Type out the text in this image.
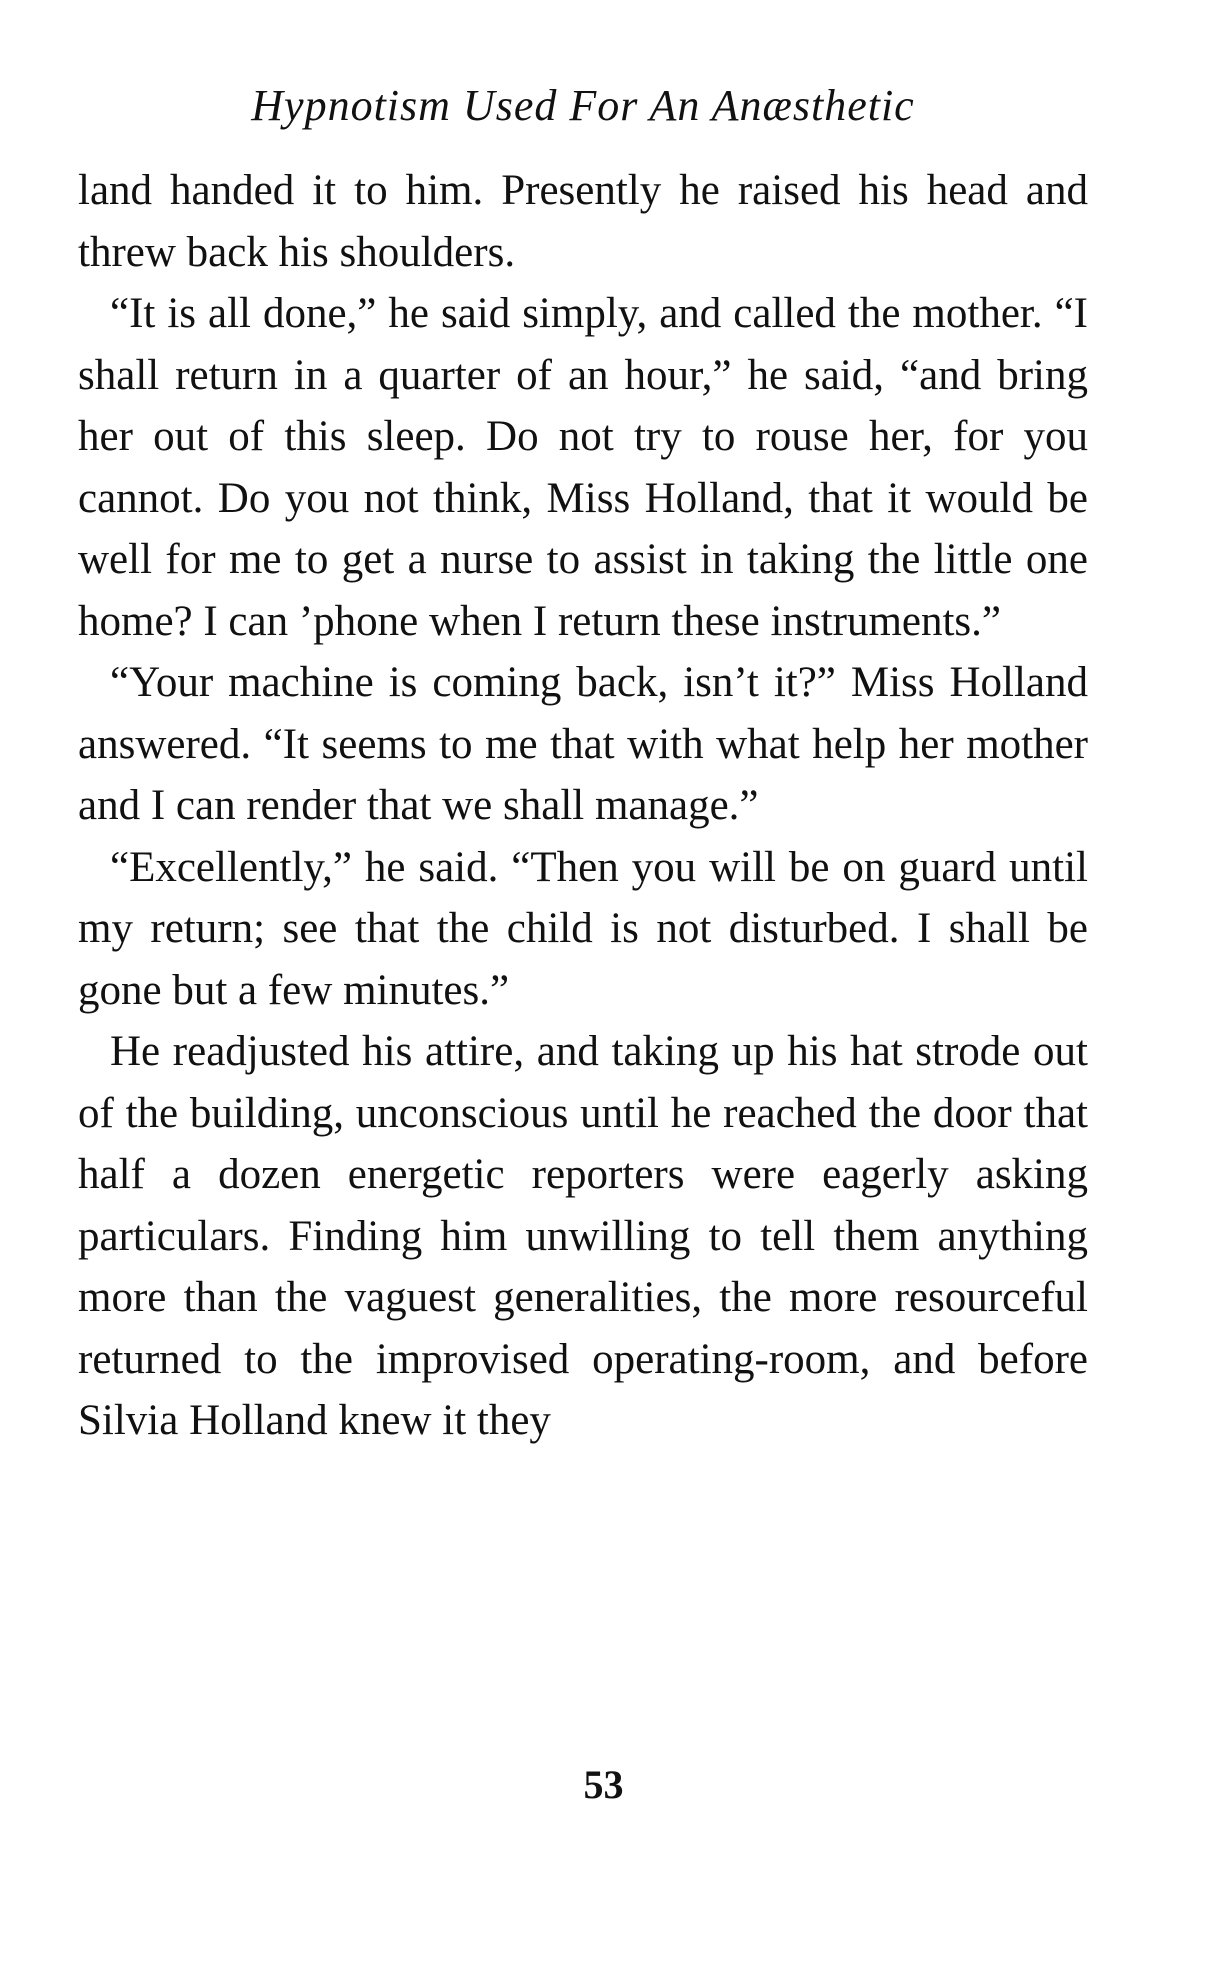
Hypnotism Used For An Anæsthetic

land handed it to him. Presently he raised his head and threw back his shoulders.

“It is all done,” he said simply, and called the mother. “I shall return in a quarter of an hour,” he said, “and bring her out of this sleep. Do not try to rouse her, for you cannot. Do you not think, Miss Holland, that it would be well for me to get a nurse to assist in taking the little one home? I can ’phone when I return these instruments.”

“Your machine is coming back, isn’t it?” Miss Holland answered. “It seems to me that with what help her mother and I can render that we shall manage.”

“Excellently,” he said. “Then you will be on guard until my return; see that the child is not disturbed. I shall be gone but a few minutes.”

He readjusted his attire, and taking up his hat strode out of the building, unconscious until he reached the door that half a dozen energetic reporters were eagerly asking particulars. Finding him unwilling to tell them anything more than the vaguest generalities, the more resourceful returned to the improvised operating-room, and before Silvia Holland knew it they

53
